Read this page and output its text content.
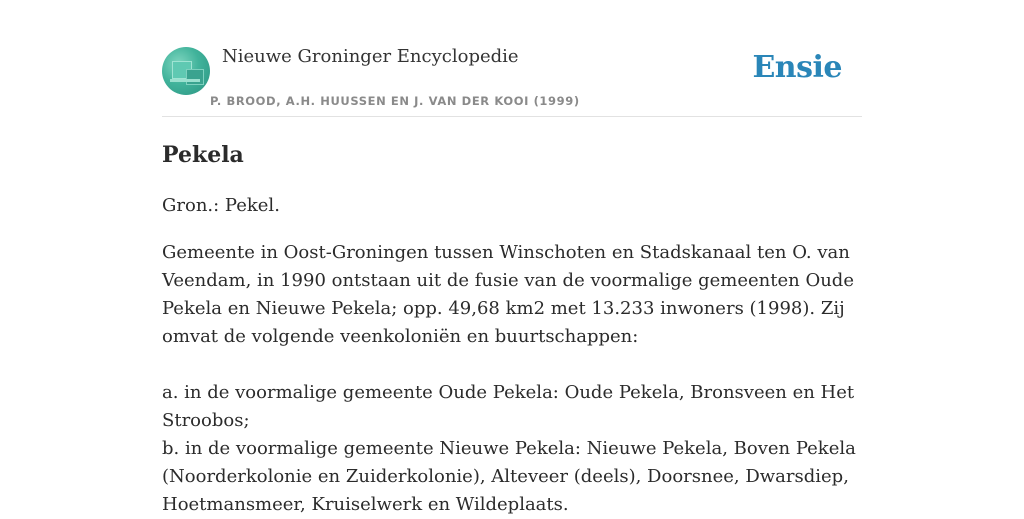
Nieuwe Groninger Encyclopedie
P. BROOD, A.H. HUUSSEN EN J. VAN DER KOOI (1999)
Ensie
Pekela

Gron.: Pekel.

Gemeente in Oost-Groningen tussen Winschoten en Stadskanaal ten O. van Veendam, in 1990 ontstaan uit de fusie van de voormalige gemeenten Oude Pekela en Nieuwe Pekela; opp. 49,68 km2 met 13.233 inwoners (1998). Zij omvat de volgende veenkoloniën en buurtschappen:

a. in de voormalige gemeente Oude Pekela: Oude Pekela, Bronsveen en Het Stroobos;
b. in de voormalige gemeente Nieuwe Pekela: Nieuwe Pekela, Boven Pekela (Noorderkolonie en Zuiderkolonie), Alteveer (deels), Doorsnee, Dwarsdiep, Hoetmansmeer, Kruiselwerk en Wildeplaats.
